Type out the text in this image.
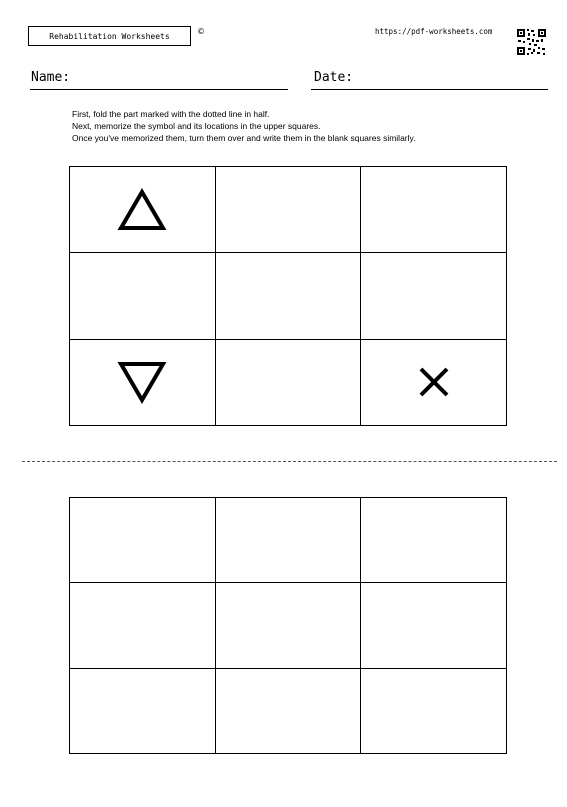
Rehabilitation Worksheets	©	https://pdf-worksheets.com
Name:	Date:
First, fold the part marked with the dotted line in half.
Next, memorize the symbol and its locations in the upper squares.
Once you've memorized them, turn them over and write them in the blank squares similarly.
